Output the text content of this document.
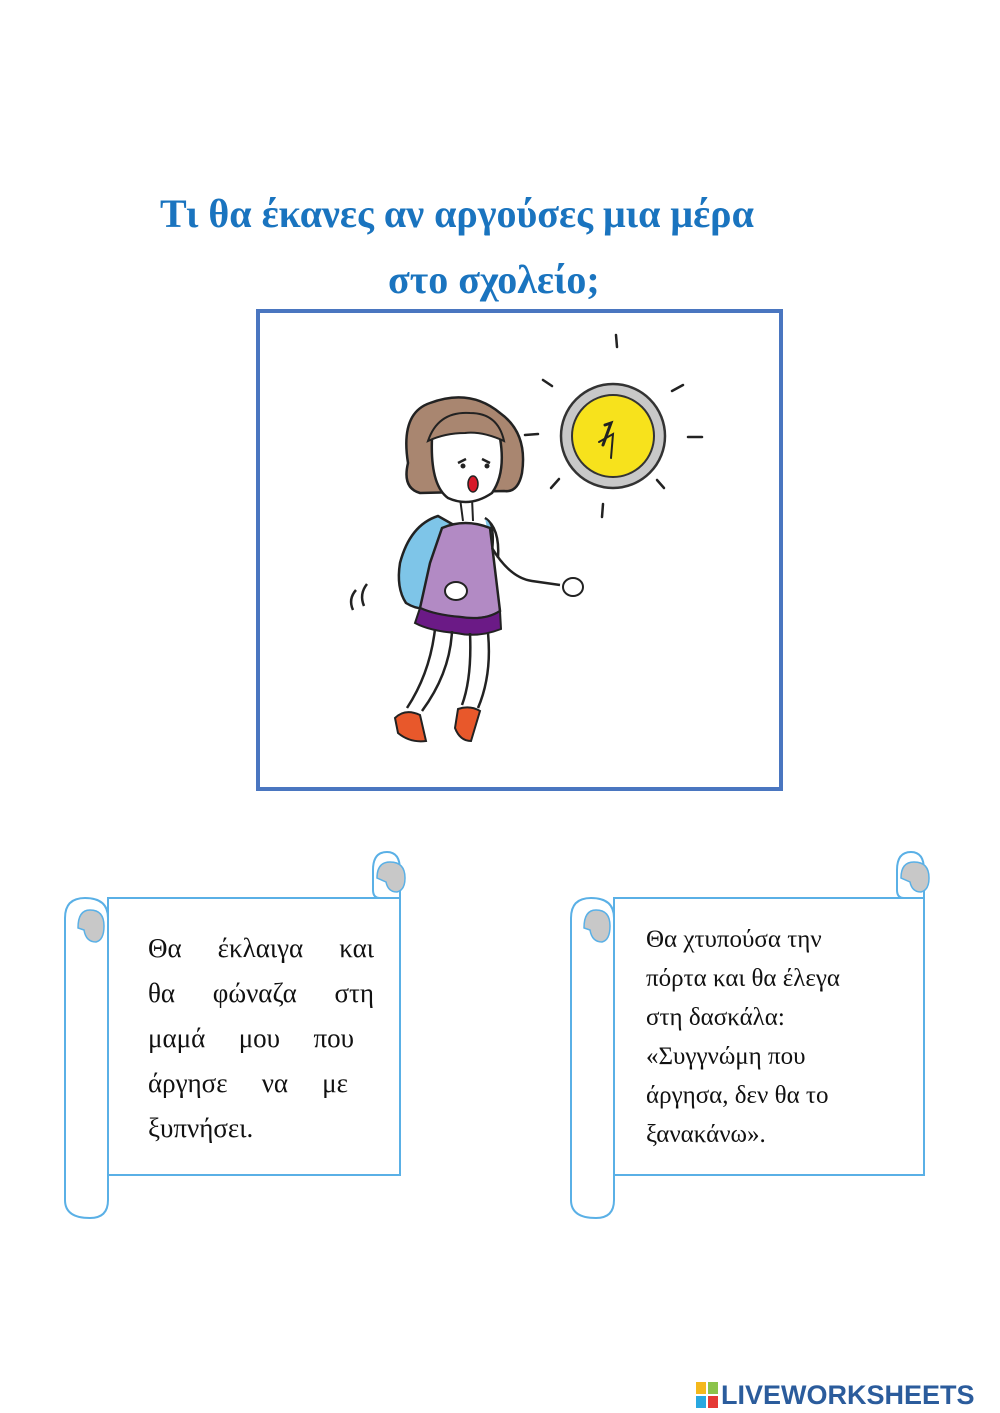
Τι θα έκανες αν αργούσες μια μέρα
στο σχολείο;
Θα έκλαιγα και
θα φώναζα στη
μαμά μου που
άργησε να με
ξυπνήσει.
Θα χτυπούσα την
πόρτα και θα έλεγα
στη δασκάλα:
«Συγγνώμη που
άργησα, δεν θα το
ξανακάνω».
LIVEWORKSHEETS
